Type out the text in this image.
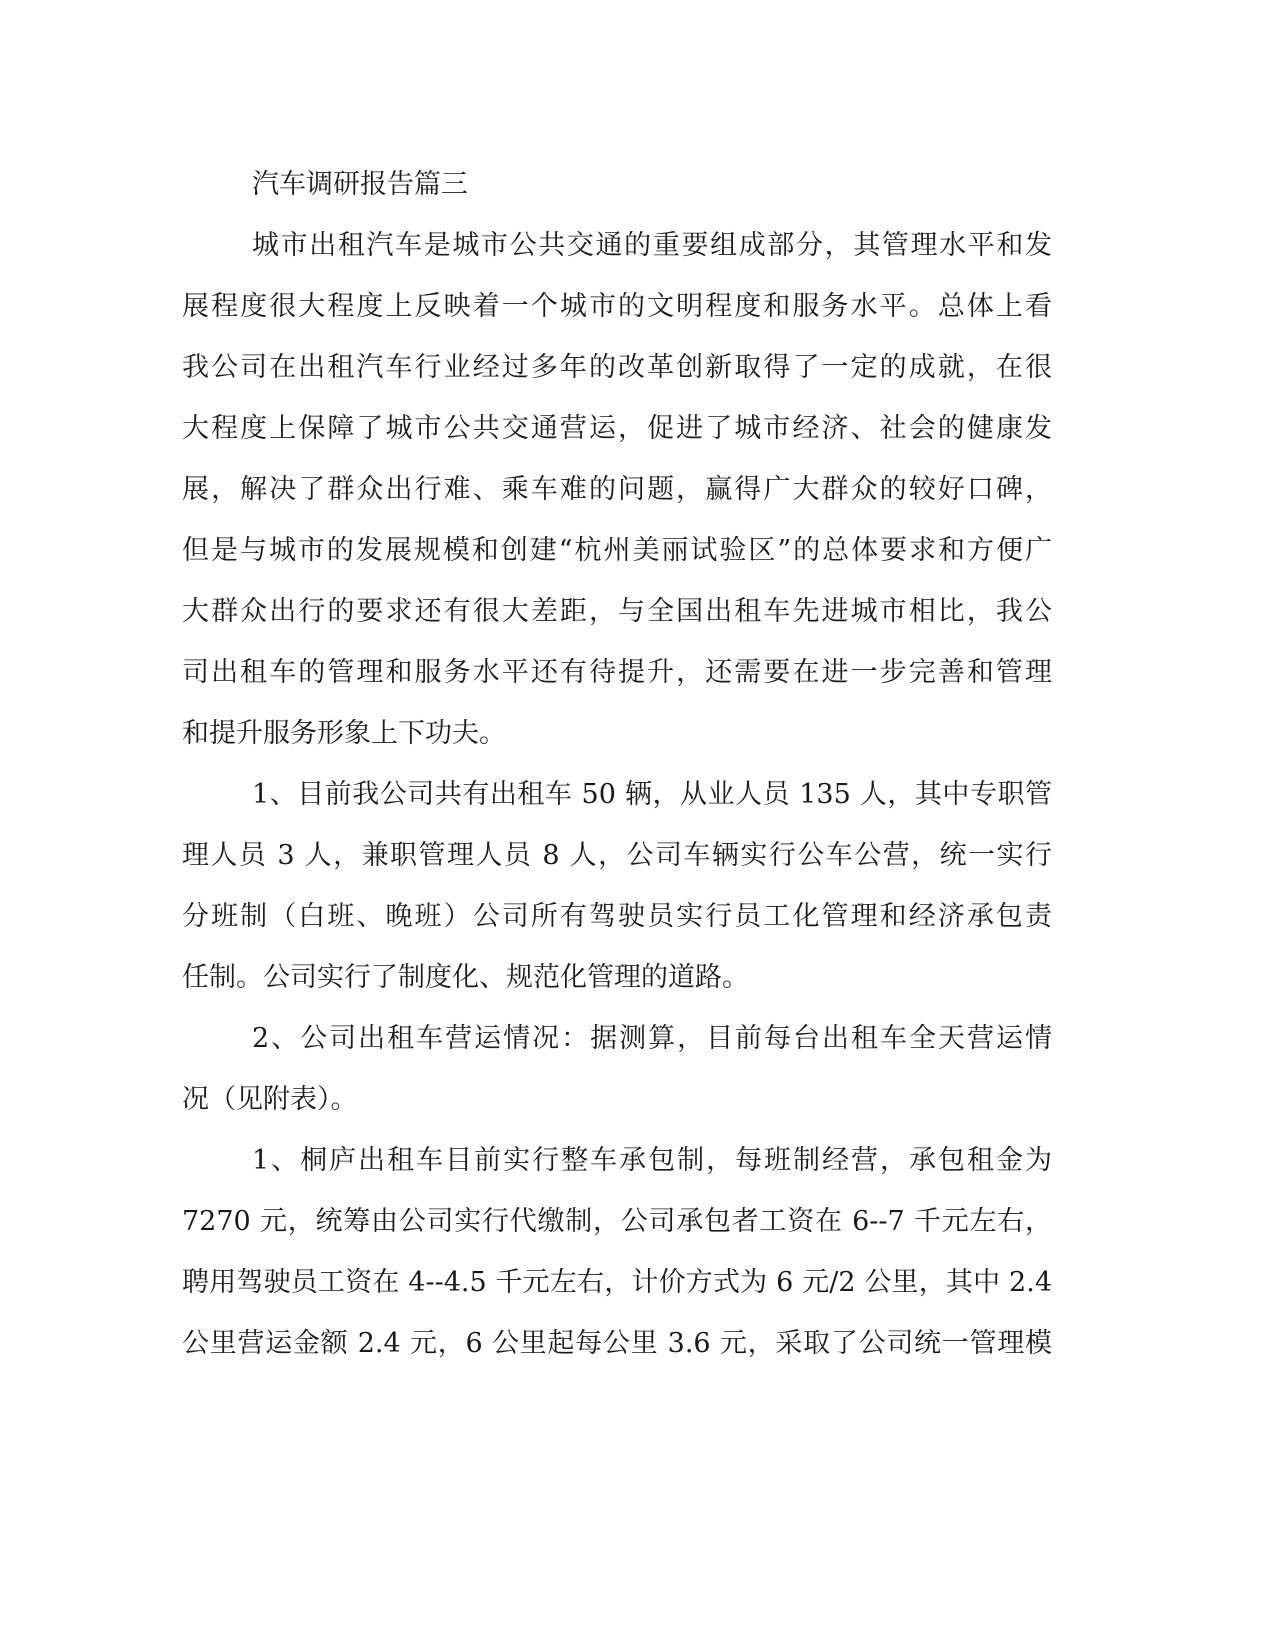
汽车调研报告篇三
城市出租汽车是城市公共交通的重要组成部分，其管理水平和发
展程度很大程度上反映着一个城市的文明程度和服务水平。总体上看
我公司在出租汽车行业经过多年的改革创新取得了一定的成就，在很
大程度上保障了城市公共交通营运，促进了城市经济、社会的健康发
展，解决了群众出行难、乘车难的问题，赢得广大群众的较好口碑，
但是与城市的发展规模和创建“杭州美丽试验区”的总体要求和方便广
大群众出行的要求还有很大差距，与全国出租车先进城市相比，我公
司出租车的管理和服务水平还有待提升，还需要在进一步完善和管理
和提升服务形象上下功夫。
1、目前我公司共有出租车 50 辆，从业人员 135 人，其中专职管
理人员 3 人，兼职管理人员 8 人，公司车辆实行公车公营，统一实行
分班制（白班、晚班）公司所有驾驶员实行员工化管理和经济承包责
任制。公司实行了制度化、规范化管理的道路。
2、公司出租车营运情况：据测算，目前每台出租车全天营运情
况（见附表）。
1、桐庐出租车目前实行整车承包制，每班制经营，承包租金为
7270 元，统筹由公司实行代缴制，公司承包者工资在 6--7 千元左右，
聘用驾驶员工资在 4--4.5 千元左右，计价方式为 6 元/2 公里，其中 2.4
公里营运金额 2.4 元，6 公里起每公里 3.6 元，采取了公司统一管理模
